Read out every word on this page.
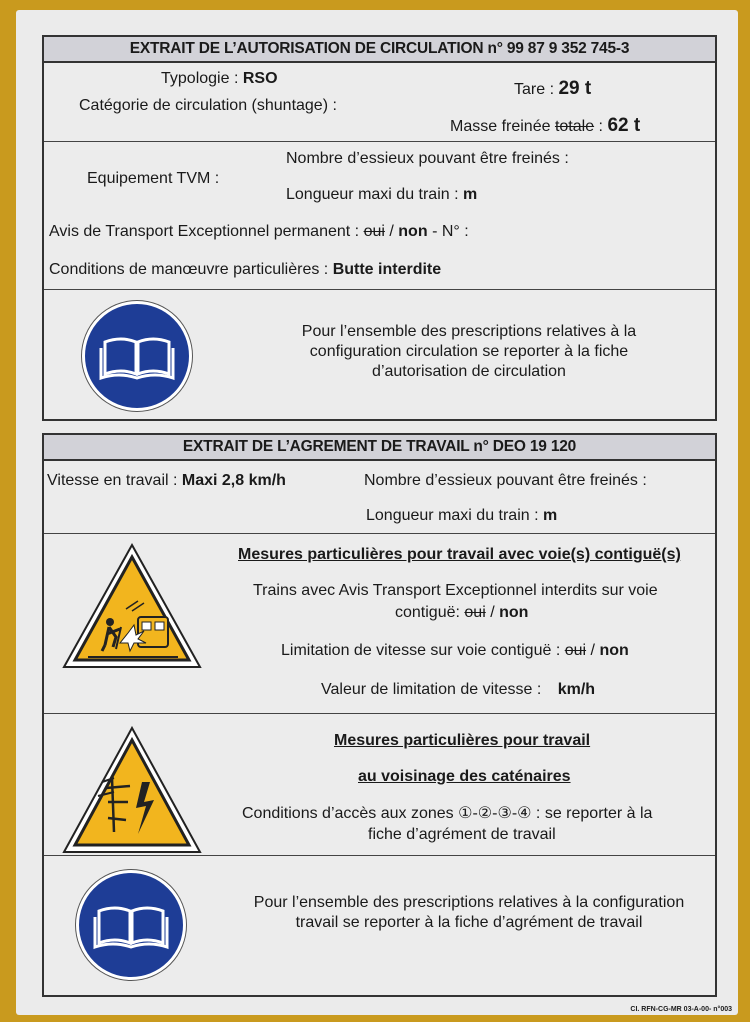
EXTRAIT DE L’AUTORISATION DE CIRCULATION n° 99 87 9 352 745-3
Typologie : RSO
Catégorie de circulation (shuntage) :
Tare : 29 t
Masse freinée totale : 62 t
Nombre d’essieux pouvant être freinés :
Equipement TVM :
Longueur maxi du train : m
Avis de Transport Exceptionnel permanent : oui / non - N° :
Conditions de manœuvre particulières : Butte interdite
Pour l’ensemble des prescriptions relatives à la configuration circulation se reporter à la fiche d’autorisation de circulation
EXTRAIT DE L’AGREMENT DE TRAVAIL n° DEO 19 120
Vitesse en travail : Maxi 2,8 km/h	Nombre d’essieux pouvant être freinés :
Longueur maxi du train : m
Mesures particulières pour travail avec voie(s) contiguë(s)
Trains avec Avis Transport Exceptionnel interdits sur voie
contiguë: oui / non
Limitation de vitesse sur voie contiguë : oui / non
Valeur de limitation de vitesse : km/h
Mesures particulières pour travail
au voisinage des caténaires
Conditions d’accès aux zones ①-②-③-④ : se reporter à la
fiche d’agrément de travail
Pour l’ensemble des prescriptions relatives à la configuration travail se reporter à la fiche d’agrément de travail
CI. RFN-CG-MR 03-A-00- n°003
